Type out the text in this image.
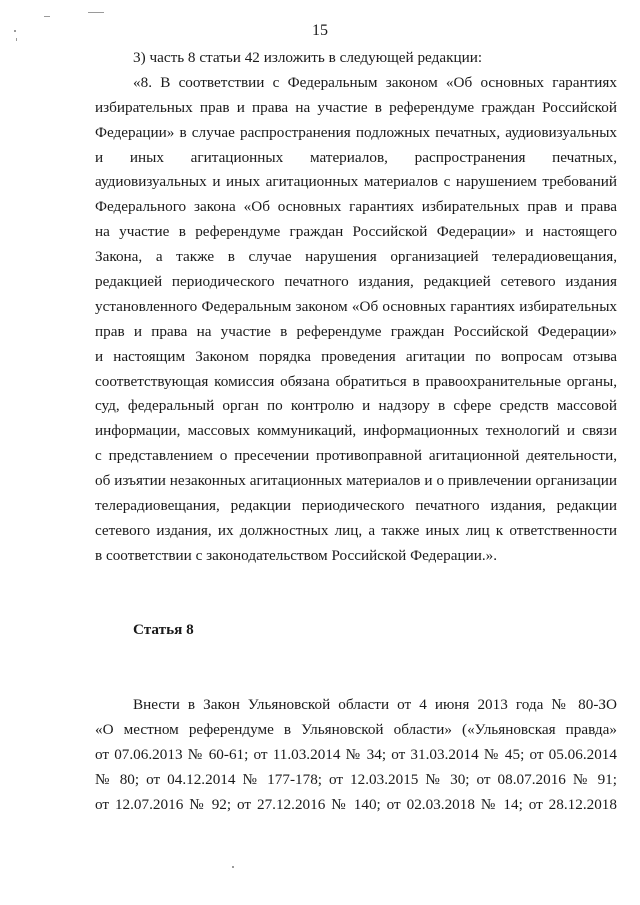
15
3) часть 8 статьи 42 изложить в следующей редакции:
«8. В соответствии с Федеральным законом «Об основных гарантиях
избирательных прав и права на участие в референдуме граждан Российской
Федерации» в случае распространения подложных печатных, аудиовизуальных
и иных агитационных материалов, распространения печатных,
аудиовизуальных и иных агитационных материалов с нарушением требований
Федерального закона «Об основных гарантиях избирательных прав и права
на участие в референдуме граждан Российской Федерации» и настоящего
Закона, а также в случае нарушения организацией телерадиовещания,
редакцией периодического печатного издания, редакцией сетевого издания
установленного Федеральным законом «Об основных гарантиях избирательных
прав и права на участие в референдуме граждан Российской Федерации»
и настоящим Законом порядка проведения агитации по вопросам отзыва
соответствующая комиссия обязана обратиться в правоохранительные органы,
суд, федеральный орган по контролю и надзору в сфере средств массовой
информации, массовых коммуникаций, информационных технологий и связи
с представлением о пресечении противоправной агитационной деятельности,
об изъятии незаконных агитационных материалов и о привлечении организации
телерадиовещания, редакции периодического печатного издания, редакции
сетевого издания, их должностных лиц, а также иных лиц к ответственности
в соответствии с законодательством Российской Федерации.».
Статья 8
Внести в Закон Ульяновской области от 4 июня 2013 года № 80-ЗО
«О местном референдуме в Ульяновской области» («Ульяновская правда»
от 07.06.2013 № 60-61; от 11.03.2014 № 34; от 31.03.2014 № 45; от 05.06.2014
№ 80; от 04.12.2014 № 177-178; от 12.03.2015 № 30; от 08.07.2016 № 91;
от 12.07.2016 № 92; от 27.12.2016 № 140; от 02.03.2018 № 14; от 28.12.2018
